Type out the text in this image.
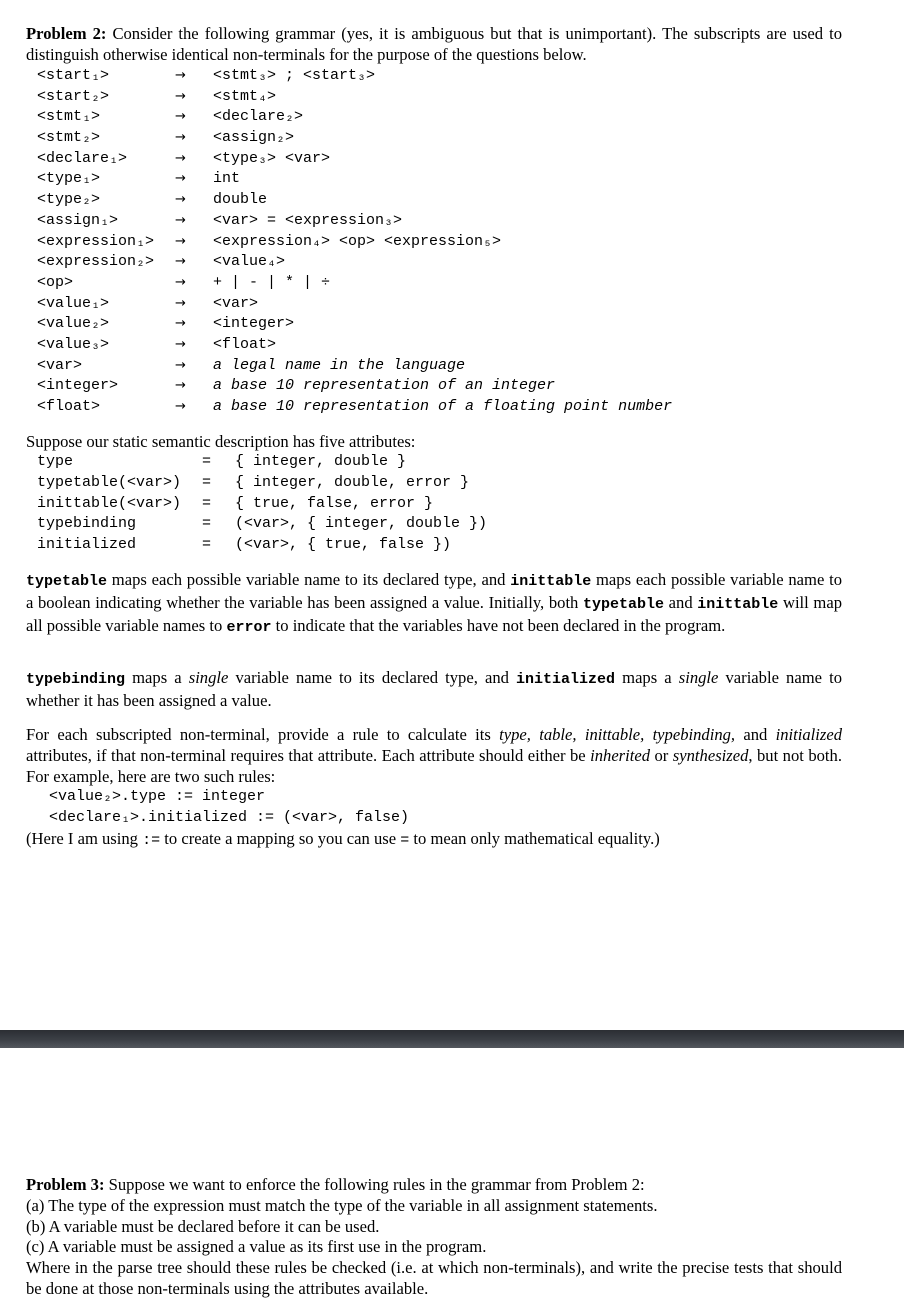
Problem 2: Consider the following grammar (yes, it is ambiguous but that is unimportant). The subscripts are used to distinguish otherwise identical non-terminals for the purpose of the questions below.
<start₁>	→ <stmt₃> ; <start₃>
<start₂>	→ <stmt₄>
<stmt₁>	→ <declare₂>
<stmt₂>	→ <assign₂>
<declare₁>	→ <type₃> <var>
<type₁>	→ int
<type₂>	→ double
<assign₁>	→ <var> = <expression₃>
<expression₁> → <expression₄> <op> <expression₅>
<expression₂> → <value₄>
<op>	→ + | - | * | ÷
<value₁>	→ <var>
<value₂>	→ <integer>
<value₃>	→ <float>
<var>	→ a legal name in the language
<integer>	→ a base 10 representation of an integer
<float>	→ a base 10 representation of a floating point number
Suppose our static semantic description has five attributes:
type	= { integer, double }
typetable(<var>) = { integer, double, error }
inittable(<var>) = { true, false, error }
typebinding	= (<var>, { integer, double })
initialized	= (<var>, { true, false })
typetable maps each possible variable name to its declared type, and inittable maps each possible variable name to a boolean indicating whether the variable has been assigned a value. Initially, both typetable and inittable will map all possible variable names to error to indicate that the variables have not been declared in the program.
typebinding maps a single variable name to its declared type, and initialized maps a single variable name to whether it has been assigned a value.
For each subscripted non-terminal, provide a rule to calculate its type, table, inittable, typebinding, and initialized attributes, if that non-terminal requires that attribute. Each attribute should either be inherited or synthesized, but not both. For example, here are two such rules:
<value₂>.type := integer
<declare₁>.initialized := (<var>, false)
(Here I am using := to create a mapping so you can use = to mean only mathematical equality.)
Problem 3: Suppose we want to enforce the following rules in the grammar from Problem 2:
(a) The type of the expression must match the type of the variable in all assignment statements.
(b) A variable must be declared before it can be used.
(c) A variable must be assigned a value as its first use in the program.
Where in the parse tree should these rules be checked (i.e. at which non-terminals), and write the precise tests that should be done at those non-terminals using the attributes available.
